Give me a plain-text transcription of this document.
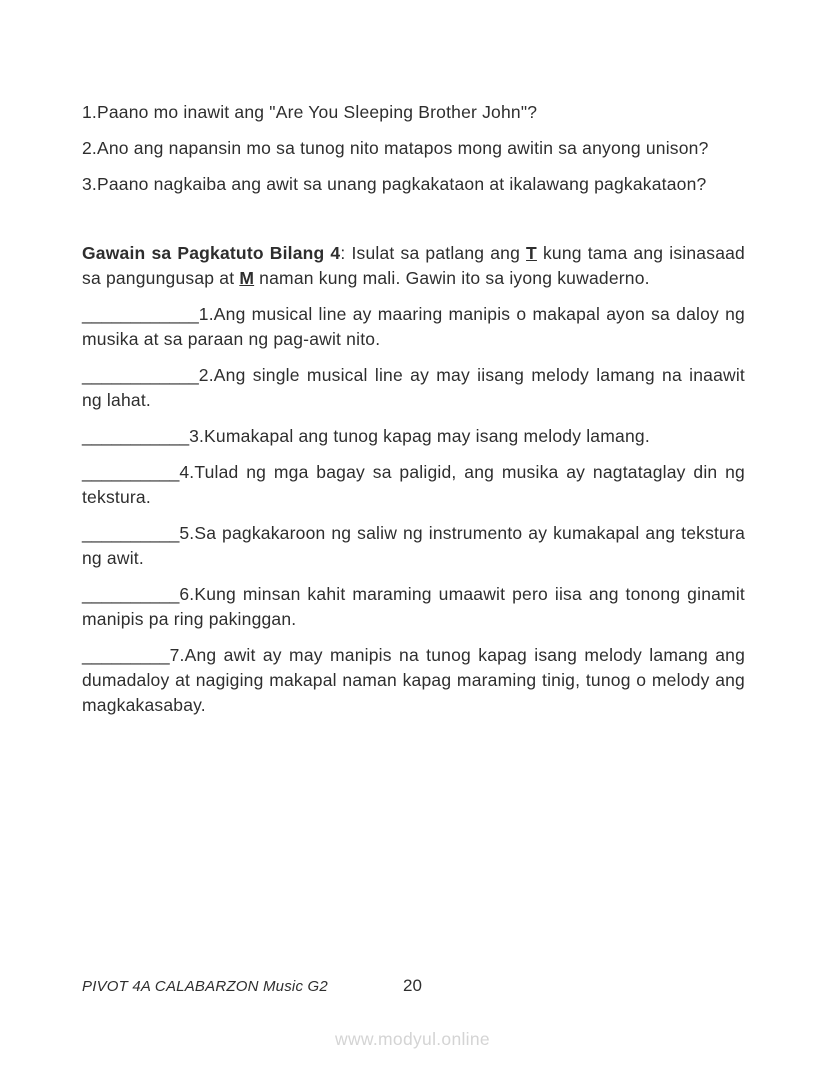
1.Paano mo inawit ang "Are You Sleeping Brother John"?

2.Ano ang napansin mo sa tunog nito matapos mong awitin sa anyong unison?

3.Paano nagkaiba ang awit sa unang pagkakataon at ikalawang pagkakataon?

Gawain sa Pagkatuto Bilang 4: Isulat sa patlang ang T kung tama ang isinasaad sa pangungusap at M naman kung mali. Gawin ito sa iyong kuwaderno.

____________1.Ang musical line ay maaring manipis o makapal ayon sa daloy ng musika at sa paraan ng pag-awit nito.

____________2.Ang single musical line ay may iisang melody lamang na inaawit ng lahat.

___________3.Kumakapal ang tunog kapag may isang melody lamang.

__________4.Tulad ng mga bagay sa paligid, ang musika ay nagtataglay din ng tekstura.

__________5.Sa pagkakaroon ng saliw ng instrumento ay kumakapal ang tekstura ng awit.

__________6.Kung minsan kahit maraming umaawit pero iisa ang tonong ginamit manipis pa ring pakinggan.

_________7.Ang awit ay may manipis na tunog kapag isang melody lamang ang dumadaloy at nagiging makapal naman kapag maraming tinig, tunog o melody ang magkakasabay.

PIVOT 4A CALABARZON Music G2	20
www.modyul.online
